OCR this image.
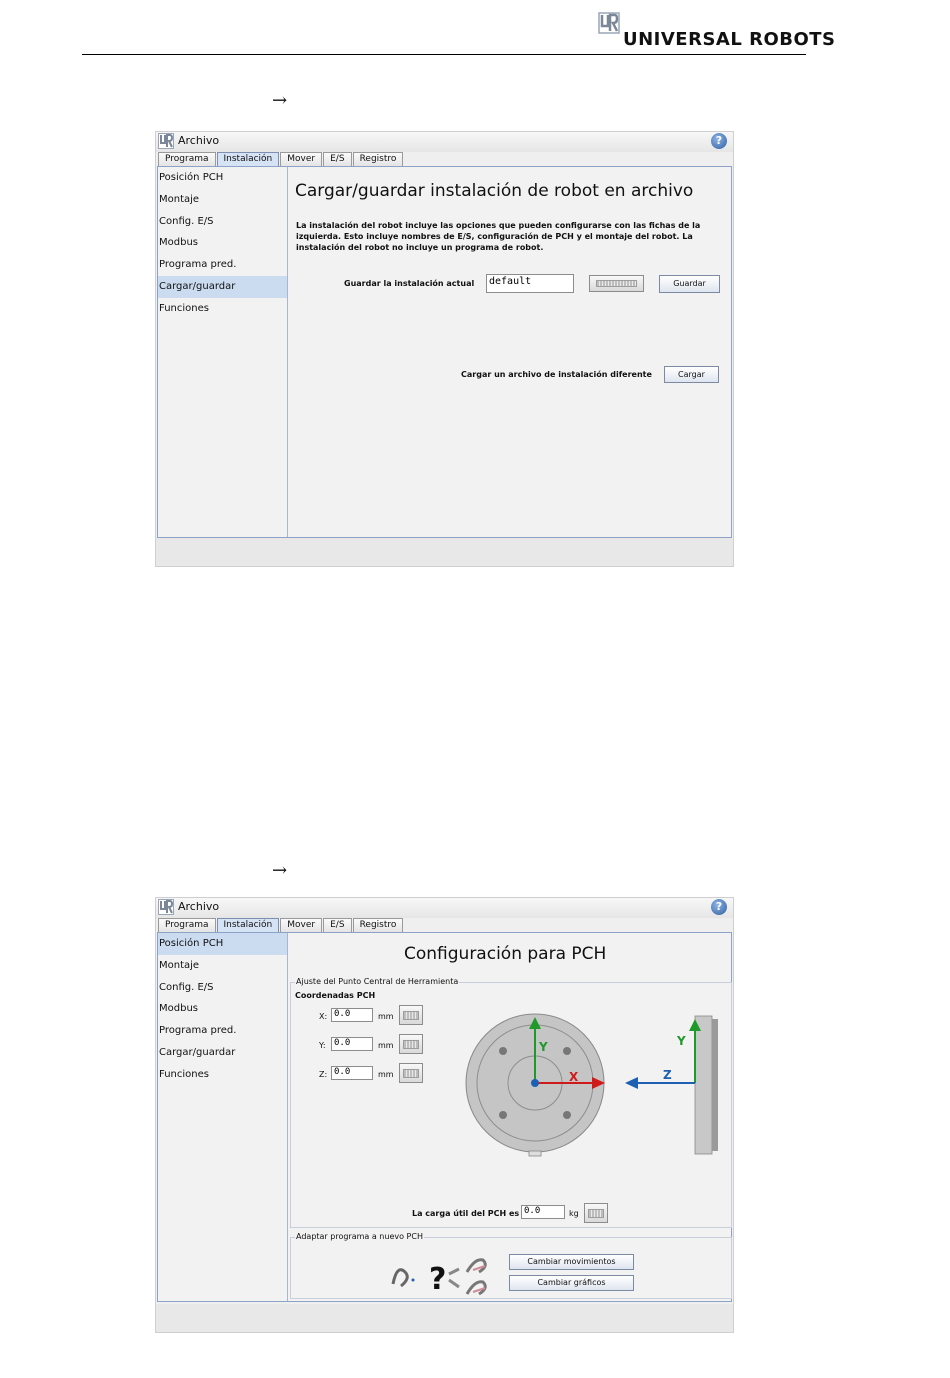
UNIVERSAL ROBOTS
→
Archivo	?
Programa	Instalación	Mover	E/S	Registro
Posición PCH
Montaje
Config. E/S
Modbus
Programa pred.
Cargar/guardar
Funciones
Cargar/guardar instalación de robot en archivo
La instalación del robot incluye las opciones que pueden configurarse con las fichas de la izquierda. Esto incluye nombres de E/S, configuración de PCH y el montaje del robot. La instalación del robot no incluye un programa de robot.
Guardar la instalación actual	default	Guardar
Cargar un archivo de instalación diferente	Cargar
→
Archivo	?
Programa	Instalación	Mover	E/S	Registro
Posición PCH
Montaje
Config. E/S
Modbus
Programa pred.
Cargar/guardar
Funciones
Configuración para PCH
Ajuste del Punto Central de Herramienta
Coordenadas PCH
X: 0.0	mm
Y: 0.0	mm
Z: 0.0	mm
Y
X
Y
Z
La carga útil del PCH es 0.0	kg
Adaptar programa a nuevo PCH
?
Cambiar movimientos
Cambiar gráficos
